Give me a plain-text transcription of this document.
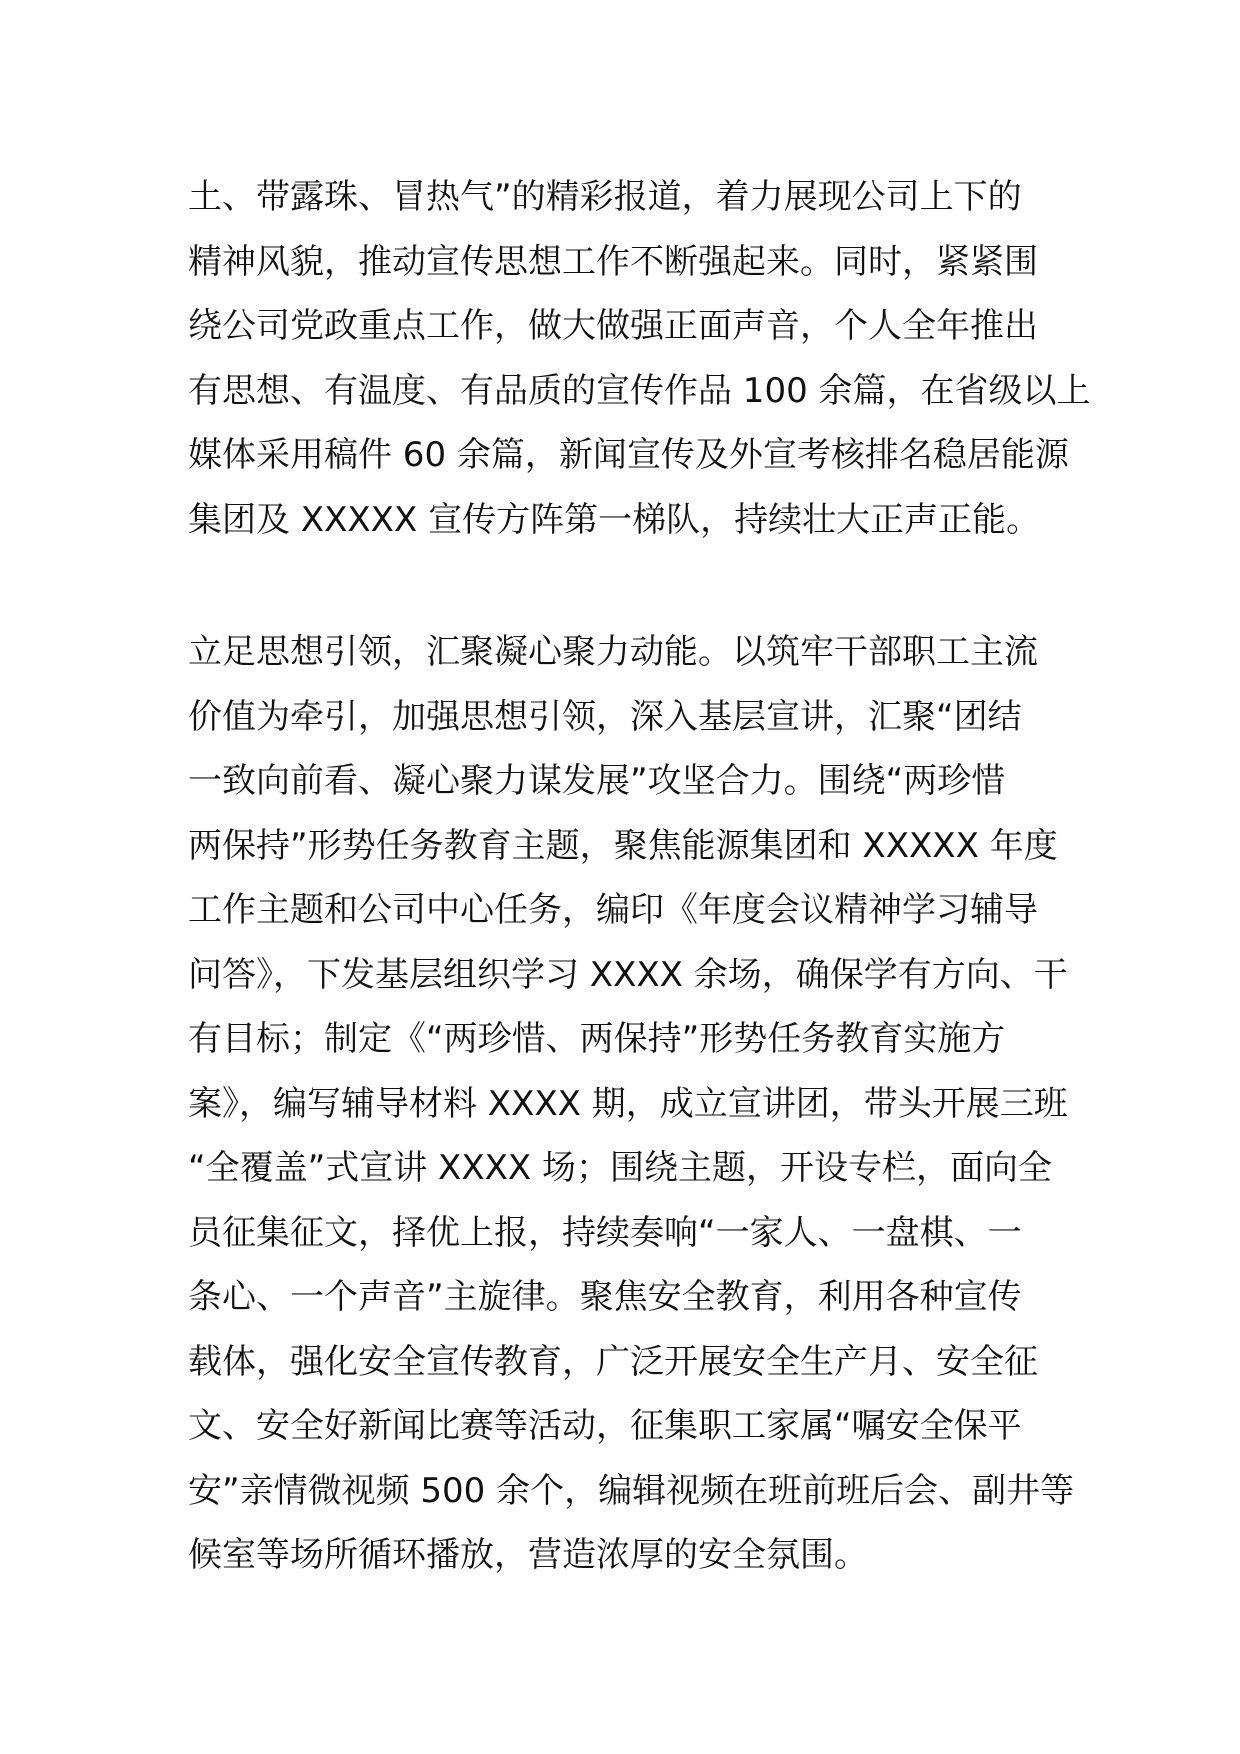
土、带露珠、冒热气”的精彩报道，着力展现公司上下的
精神风貌，推动宣传思想工作不断强起来。同时，紧紧围
绕公司党政重点工作，做大做强正面声音，个人全年推出
有思想、有温度、有品质的宣传作品 100 余篇，在省级以上
媒体采用稿件 60 余篇，新闻宣传及外宣考核排名稳居能源
集团及 XXXXX 宣传方阵第一梯队，持续壮大正声正能。
立足思想引领，汇聚凝心聚力动能。以筑牢干部职工主流
价值为牵引，加强思想引领，深入基层宣讲，汇聚“团结
一致向前看、凝心聚力谋发展”攻坚合力。围绕“两珍惜
两保持”形势任务教育主题，聚焦能源集团和 XXXXX 年度
工作主题和公司中心任务，编印《年度会议精神学习辅导
问答》，下发基层组织学习 XXXX 余场，确保学有方向、干
有目标；制定《“两珍惜、两保持”形势任务教育实施方
案》，编写辅导材料 XXXX 期，成立宣讲团，带头开展三班
“全覆盖”式宣讲 XXXX 场；围绕主题，开设专栏，面向全
员征集征文，择优上报，持续奏响“一家人、一盘棋、一
条心、一个声音”主旋律。聚焦安全教育，利用各种宣传
载体，强化安全宣传教育，广泛开展安全生产月、安全征
文、安全好新闻比赛等活动，征集职工家属“嘱安全保平
安”亲情微视频 500 余个，编辑视频在班前班后会、副井等
候室等场所循环播放，营造浓厚的安全氛围。
